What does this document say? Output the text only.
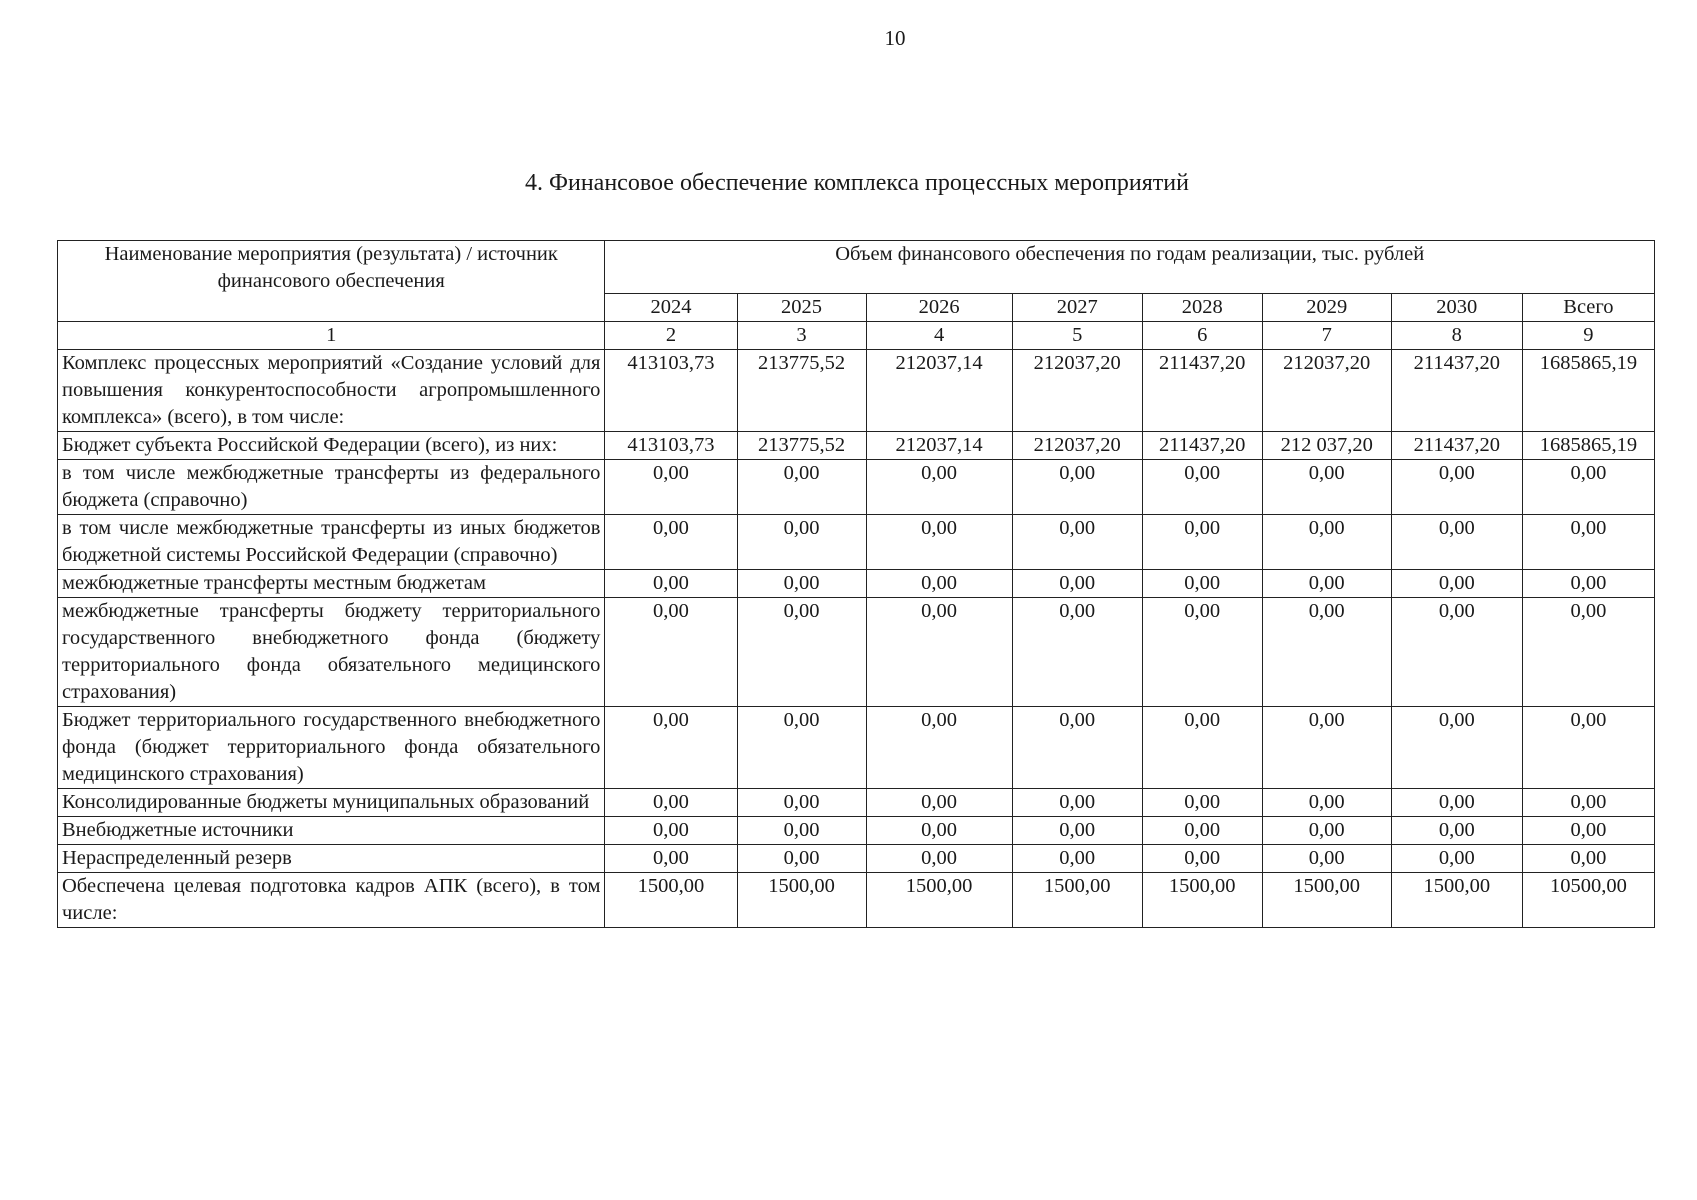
10
4. Финансовое обеспечение комплекса процессных мероприятий
Наименование мероприятия (результата) / источник финансового обеспечения	Объем финансового обеспечения по годам реализации, тыс. рублей							
	2024	2025	2026	2027	2028	2029	2030	Всего
1	2	3	4	5	6	7	8	9
Комплекс процессных мероприятий «Создание условий для повышения конкурентоспособности агропромышленного комплекса» (всего), в том числе:	413103,73	213775,52	212037,14	212037,20	211437,20	212037,20	211437,20	1685865,19
Бюджет субъекта Российской Федерации (всего), из них:	413103,73	213775,52	212037,14	212037,20	211437,20	212 037,20	211437,20	1685865,19
в том числе межбюджетные трансферты из федерального бюджета (справочно)	0,00	0,00	0,00	0,00	0,00	0,00	0,00	0,00
в том числе межбюджетные трансферты из иных бюджетов бюджетной системы Российской Федерации (справочно)	0,00	0,00	0,00	0,00	0,00	0,00	0,00	0,00
межбюджетные трансферты местным бюджетам	0,00	0,00	0,00	0,00	0,00	0,00	0,00	0,00
межбюджетные трансферты бюджету территориального государственного внебюджетного фонда (бюджету территориального фонда обязательного медицинского страхования)	0,00	0,00	0,00	0,00	0,00	0,00	0,00	0,00
Бюджет территориального государственного внебюджетного фонда (бюджет территориального фонда обязательного медицинского страхования)	0,00	0,00	0,00	0,00	0,00	0,00	0,00	0,00
Консолидированные бюджеты муниципальных образований	0,00	0,00	0,00	0,00	0,00	0,00	0,00	0,00
Внебюджетные источники	0,00	0,00	0,00	0,00	0,00	0,00	0,00	0,00
Нераспределенный резерв	0,00	0,00	0,00	0,00	0,00	0,00	0,00	0,00
Обеспечена целевая подготовка кадров АПК (всего), в том числе:	1500,00	1500,00	1500,00	1500,00	1500,00	1500,00	1500,00	10500,00
